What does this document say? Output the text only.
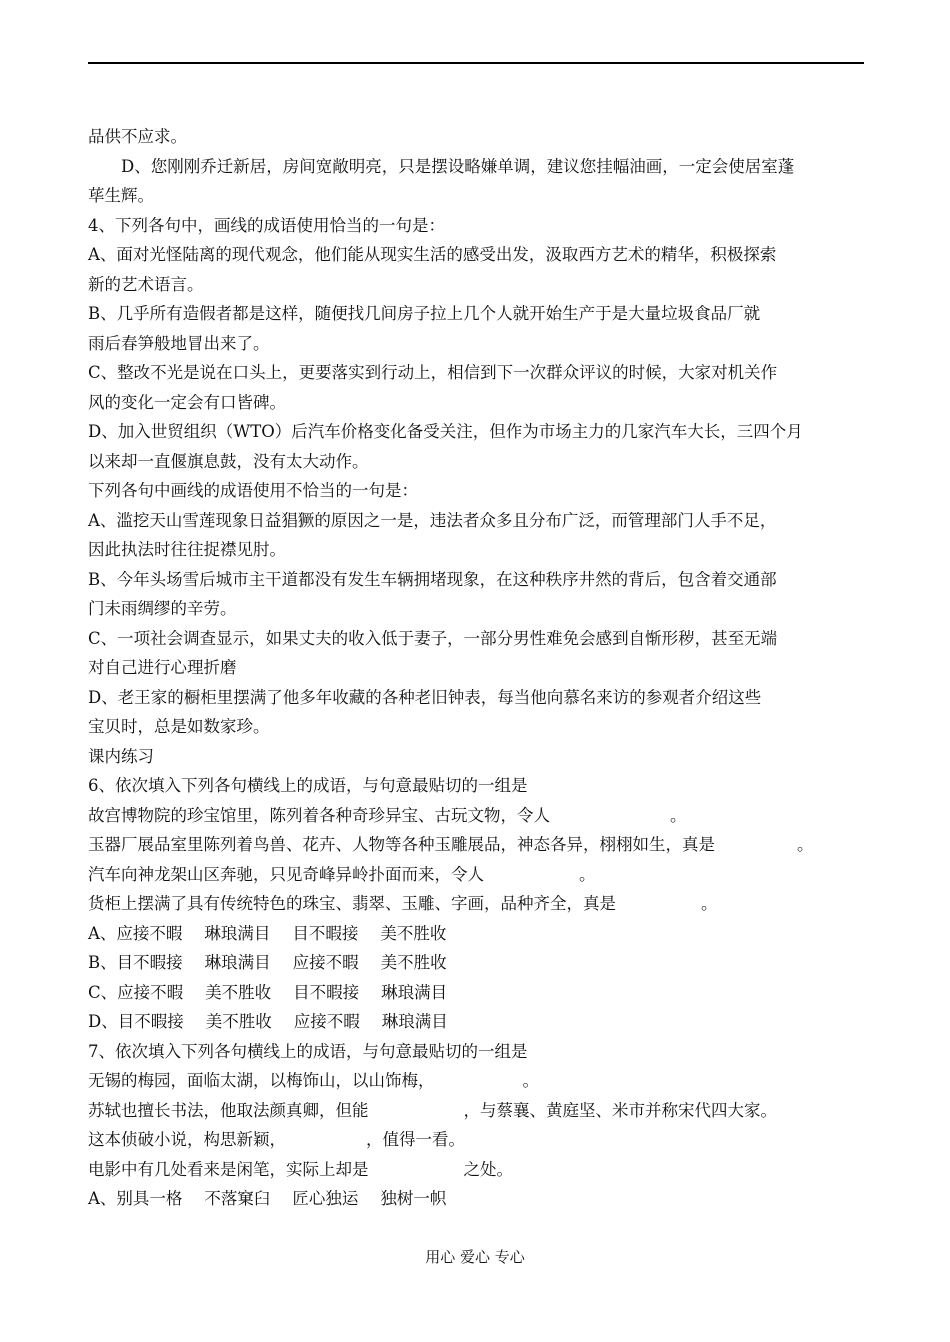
品供不应求。
D、您刚刚乔迁新居，房间宽敞明亮，只是摆设略嫌单调，建议您挂幅油画，一定会使居室蓬
荜生辉。
4、下列各句中，画线的成语使用恰当的一句是：
A、面对光怪陆离的现代观念，他们能从现实生活的感受出发，汲取西方艺术的精华，积极探索
新的艺术语言。
B、几乎所有造假者都是这样，随便找几间房子拉上几个人就开始生产于是大量垃圾食品厂就
雨后春笋般地冒出来了。
C、整改不光是说在口头上，更要落实到行动上，相信到下一次群众评议的时候，大家对机关作
风的变化一定会有口皆碑。
D、加入世贸组织（WTO）后汽车价格变化备受关注，但作为市场主力的几家汽车大长，三四个月
以来却一直偃旗息鼓，没有太大动作。
下列各句中画线的成语使用不恰当的一句是：
A、滥挖天山雪莲现象日益猖獗的原因之一是，违法者众多且分布广泛，而管理部门人手不足，
因此执法时往往捉襟见肘。
B、今年头场雪后城市主干道都没有发生车辆拥堵现象，在这种秩序井然的背后，包含着交通部
门未雨绸缪的辛劳。
C、一项社会调查显示，如果丈夫的收入低于妻子，一部分男性难免会感到自惭形秽，甚至无端
对自己进行心理折磨
D、老王家的橱柜里摆满了他多年收藏的各种老旧钟表，每当他向慕名来访的参观者介绍这些
宝贝时，总是如数家珍。
课内练习
6、依次填入下列各句横线上的成语，与句意最贴切的一组是
故宫博物院的珍宝馆里，陈列着各种奇珍异宝、古玩文物，令人	。
玉器厂展品室里陈列着鸟兽、花卉、人物等各种玉雕展品，神态各异，栩栩如生，真是	。
汽车向神龙架山区奔驰，只见奇峰异岭扑面而来，令人	。
货柜上摆满了具有传统特色的珠宝、翡翠、玉雕、字画，品种齐全，真是	。
A、应接不暇 琳琅满目 目不暇接 美不胜收
B、目不暇接 琳琅满目 应接不暇 美不胜收
C、应接不暇 美不胜收 目不暇接 琳琅满目
D、目不暇接 美不胜收 应接不暇 琳琅满目
7、依次填入下列各句横线上的成语，与句意最贴切的一组是
无锡的梅园，面临太湖，以梅饰山，以山饰梅，	。
苏轼也擅长书法，他取法颜真卿，但能	，与蔡襄、黄庭坚、米市并称宋代四大家。
这本侦破小说，构思新颖，	，值得一看。
电影中有几处看来是闲笔，实际上却是	之处。
A、别具一格 不落窠臼 匠心独运 独树一帜
用心 爱心 专心
